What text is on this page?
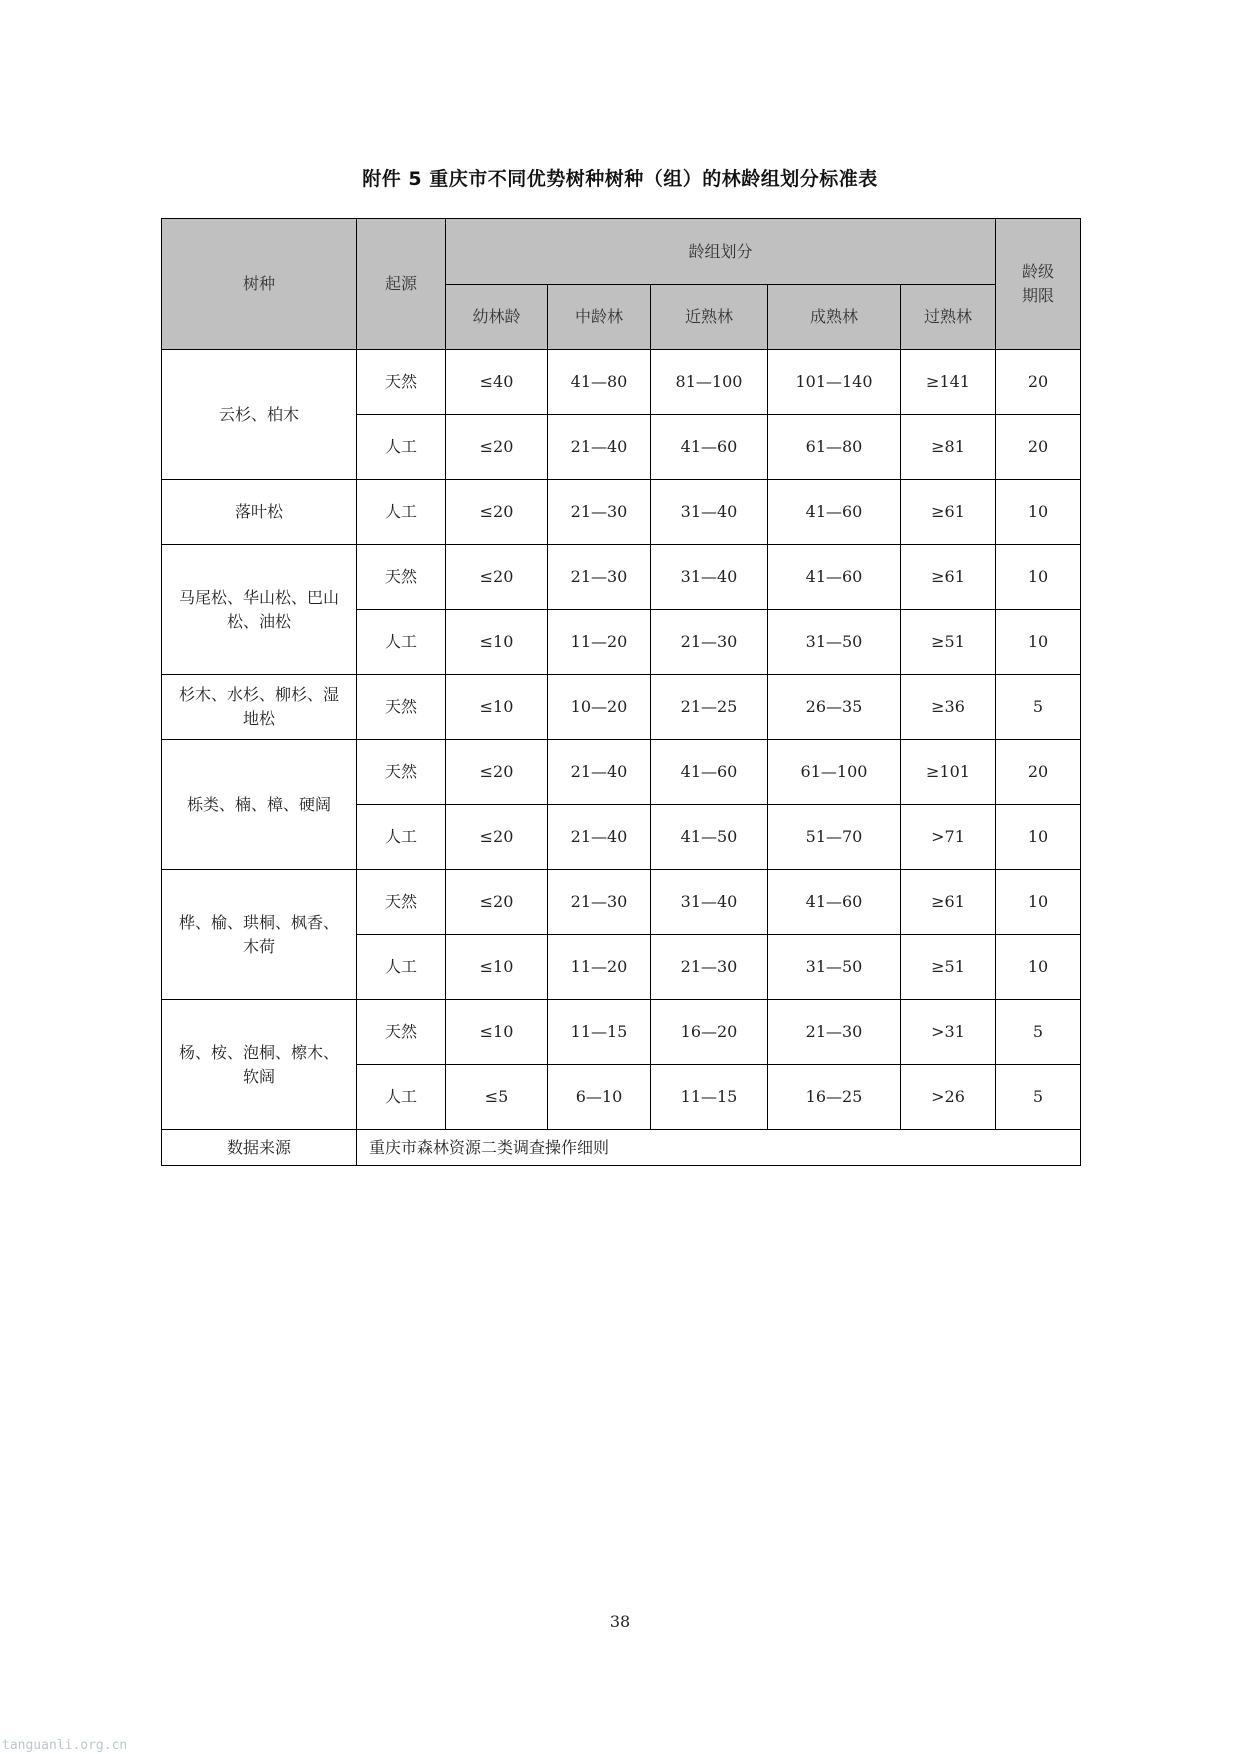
附件 5 重庆市不同优势树种树种（组）的林龄组划分标准表
树种	起源	龄组划分					龄级期限

		幼林龄	中龄林	近熟林	成熟林	过熟林	
云杉、柏木	天然	≤40	41—80	81—100	101—140	≥141	20
	人工	≤20	21—40	41—60	61—80	≥81	20
落叶松	人工	≤20	21—30	31—40	41—60	≥61	10
马尾松、华山松、巴山松、油松	天然	≤20	21—30	31—40	41—60	≥61	10
	人工	≤10	11—20	21—30	31—50	≥51	10
杉木、水杉、柳杉、湿地松	天然	≤10	10—20	21—25	26—35	≥36	5
栎类、楠、樟、硬阔	天然	≤20	21—40	41—60	61—100	≥101	20
	人工	≤20	21—40	41—50	51—70	>71	10
桦、榆、珙桐、枫香、木荷	天然	≤20	21—30	31—40	41—60	≥61	10
	人工	≤10	11—20	21—30	31—50	≥51	10
杨、桉、泡桐、檫木、软阔	天然	≤10	11—15	16—20	21—30	>31	5
	人工	≤5	6—10	11—15	16—25	>26	5
数据来源	重庆市森林资源二类调查操作细则						
38
tanguanli.org.cn
